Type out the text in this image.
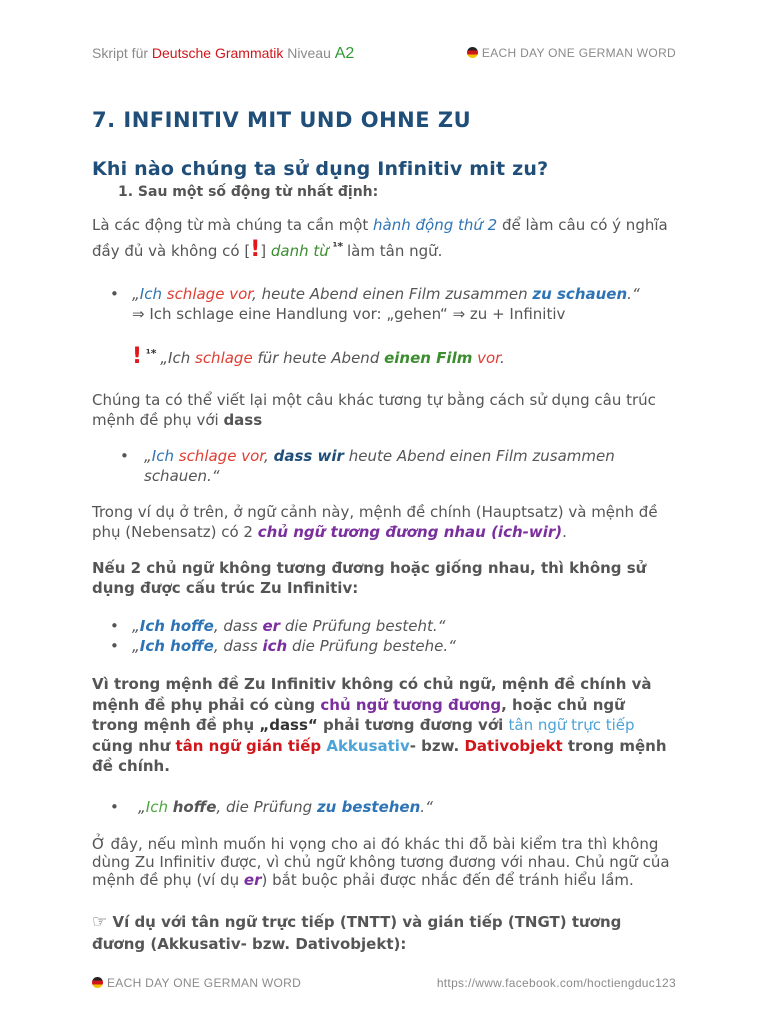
Skript für Deutsche Grammatik Niveau A2	EACH DAY ONE GERMAN WORD
7. INFINITIV MIT UND OHNE ZU
Khi nào chúng ta sử dụng Infinitiv mit zu?
1. Sau một số động từ nhất định:

Là các động từ mà chúng ta cần một hành động thứ 2 để làm câu có ý nghĩa đầy đủ và không có [!] danh từ $^{^1*}$ làm tân ngữ.

• „Ich schlage vor, heute Abend einen Film zusammen zu schauen.“
⇒ Ich schlage eine Handlung vor: „gehen“ ⇒ zu + Infinitiv

! $^{^1*}$ „Ich schlage für heute Abend einen Film vor.

Chúng ta có thể viết lại một câu khác tương tự bằng cách sử dụng câu trúc mệnh đề phụ với dass

• „Ich schlage vor, dass wir heute Abend einen Film zusammen schauen.“

Trong ví dụ ở trên, ở ngữ cảnh này, mệnh đề chính (Hauptsatz) và mệnh đề phụ (Nebensatz) có 2 chủ ngữ tương đương nhau (ich-wir).

Nếu 2 chủ ngữ không tương đương hoặc giống nhau, thì không sử dụng được cấu trúc Zu Infinitiv:

• „Ich hoffe, dass er die Prüfung besteht.“
• „Ich hoffe, dass ich die Prüfung bestehe.“

Vì trong mệnh đề Zu Infinitiv không có chủ ngữ, mệnh đề chính và mệnh đề phụ phải có cùng chủ ngữ tương đương, hoặc chủ ngữ trong mệnh đề phụ „dass“ phải tương đương với tân ngữ trực tiếp cũng như tân ngữ gián tiếp Akkusativ- bzw. Dativobjekt trong mệnh đề chính.

• „Ich hoffe, die Prüfung zu bestehen.“

Ở đây, nếu mình muốn hi vọng cho ai đó khác thi đỗ bài kiểm tra thì không dùng Zu Infinitiv được, vì chủ ngữ không tương đương với nhau. Chủ ngữ của mệnh đề phụ (ví dụ er) bắt buộc phải được nhắc đến để tránh hiểu lầm.

☞ Ví dụ với tân ngữ trực tiếp (TNTT) và gián tiếp (TNGT) tương đương (Akkusativ- bzw. Dativobjekt):

EACH DAY ONE GERMAN WORD	https://www.facebook.com/hoctiengduc123
